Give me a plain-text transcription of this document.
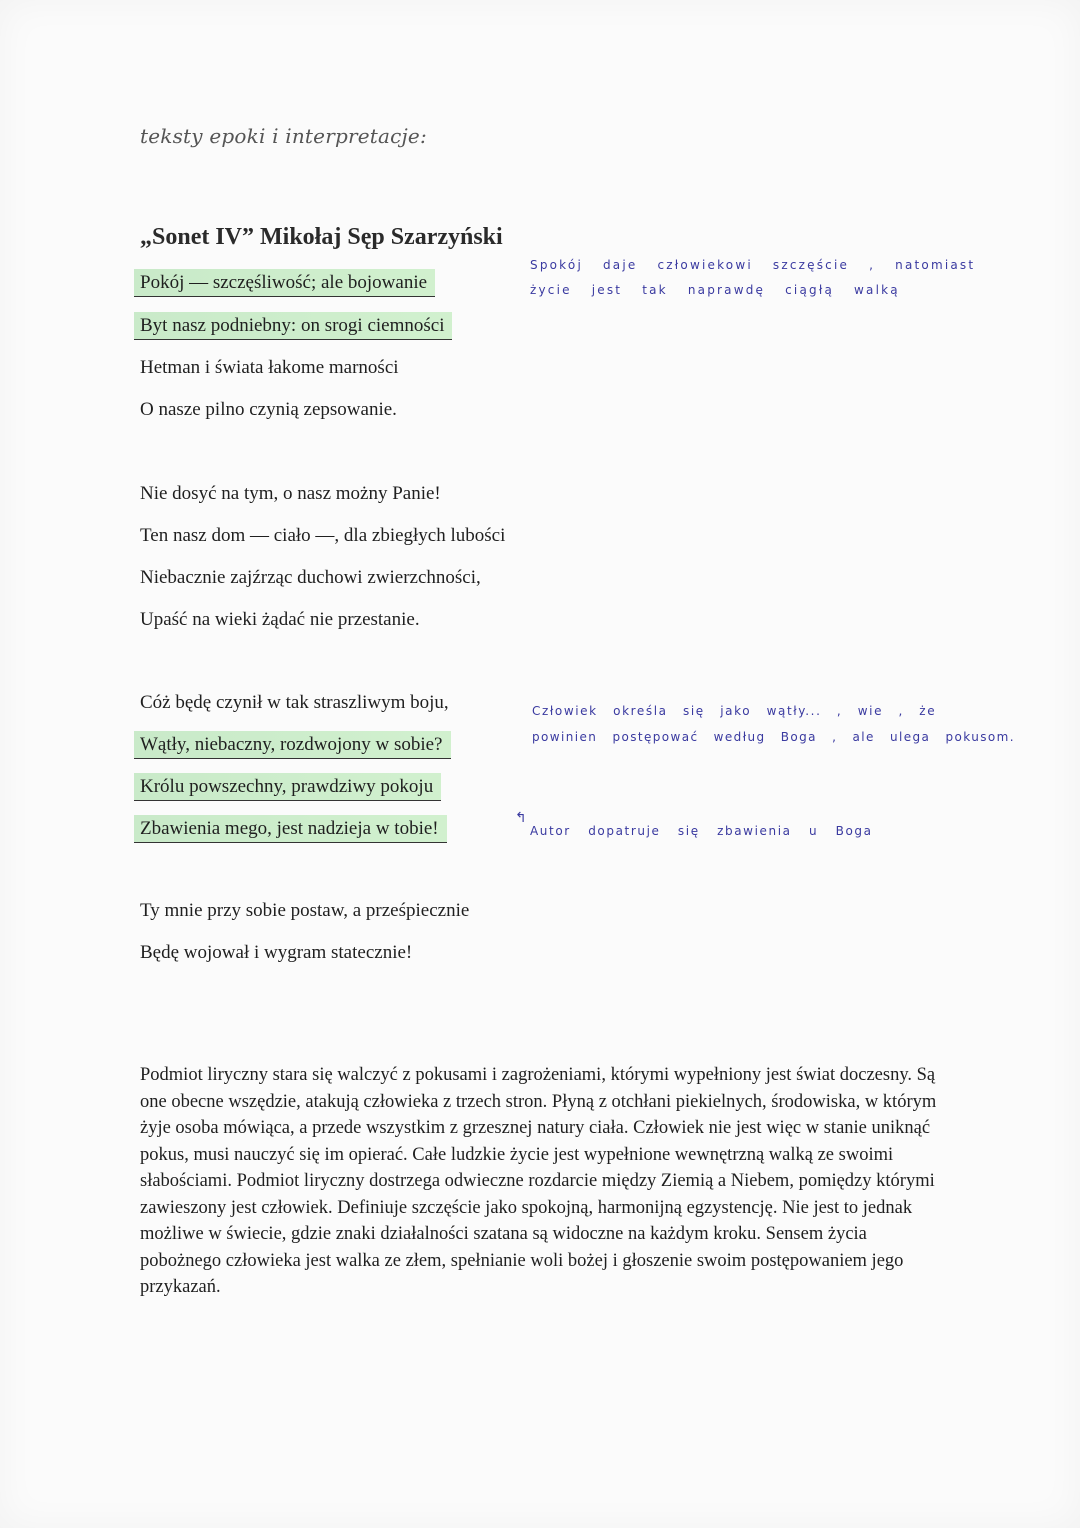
teksty epoki i interpretacje:
„Sonet IV” Mikołaj Sęp Szarzyński
Pokój — szczęśliwość; ale bojowanie
Byt nasz podniebny: on srogi ciemności
Hetman i świata łakome marności
O nasze pilno czynią zepsowanie.
Nie dosyć na tym, o nasz możny Panie!
Ten nasz dom — ciało —, dla zbiegłych lubości
Niebacznie zajźrząc duchowi zwierzchności,
Upaść na wieki żądać nie przestanie.
Cóż będę czynił w tak straszliwym boju,
Wątły, niebaczny, rozdwojony w sobie?
Królu powszechny, prawdziwy pokoju
Zbawienia mego, jest nadzieja w tobie!
Ty mnie przy sobie postaw, a prześpiecznie
Będę wojował i wygram statecznie!
Spokój daje człowiekowi szczęście , natomiast
życie jest tak naprawdę ciągłą walką
Człowiek określa się jako wątły... , wie , że
powinien postępować według Boga , ale ulega pokusom.
↰
Autor dopatruje się zbawienia u Boga

Podmiot liryczny stara się walczyć z pokusami i zagrożeniami, którymi wypełniony jest świat doczesny. Są one obecne wszędzie, atakują człowieka z trzech stron. Płyną z otchłani piekielnych, środowiska, w którym żyje osoba mówiąca, a przede wszystkim z grzesznej natury ciała. Człowiek nie jest więc w stanie uniknąć pokus, musi nauczyć się im opierać. Całe ludzkie życie jest wypełnione wewnętrzną walką ze swoimi słabościami. Podmiot liryczny dostrzega odwieczne rozdarcie między Ziemią a Niebem, pomiędzy którymi zawieszony jest człowiek. Definiuje szczęście jako spokojną, harmonijną egzystencję. Nie jest to jednak możliwe w świecie, gdzie znaki działalności szatana są widoczne na każdym kroku. Sensem życia pobożnego człowieka jest walka ze złem, spełnianie woli bożej i głoszenie swoim postępowaniem jego przykazań.
